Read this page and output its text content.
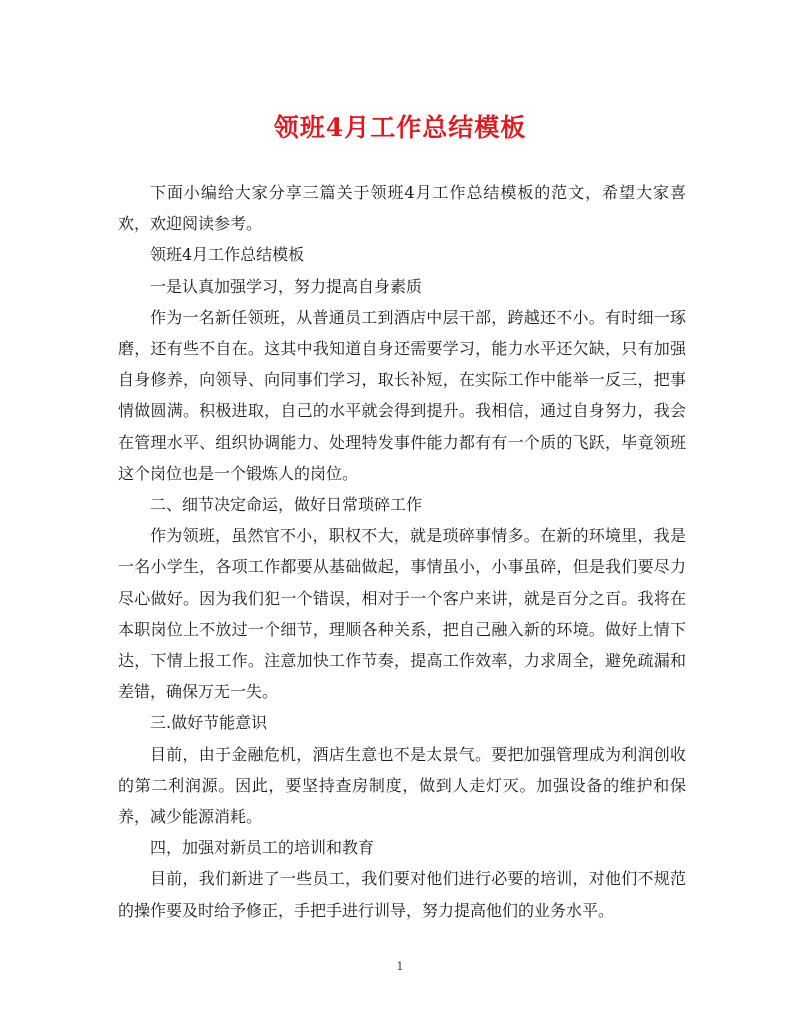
领班4月工作总结模板

下面小编给大家分享三篇关于领班4月工作总结模板的范文，希望大家喜欢，欢迎阅读参考。

领班4月工作总结模板

一是认真加强学习，努力提高自身素质

作为一名新任领班，从普通员工到酒店中层干部，跨越还不小。有时细一琢磨，还有些不自在。这其中我知道自身还需要学习，能力水平还欠缺，只有加强自身修养，向领导、向同事们学习，取长补短，在实际工作中能举一反三，把事情做圆满。积极进取，自己的水平就会得到提升。我相信，通过自身努力，我会在管理水平、组织协调能力、处理特发事件能力都有有一个质的飞跃，毕竟领班这个岗位也是一个锻炼人的岗位。

二、细节决定命运，做好日常琐碎工作

作为领班，虽然官不小，职权不大，就是琐碎事情多。在新的环境里，我是一名小学生，各项工作都要从基础做起，事情虽小，小事虽碎，但是我们要尽力尽心做好。因为我们犯一个错误，相对于一个客户来讲，就是百分之百。我将在本职岗位上不放过一个细节，理顺各种关系，把自己融入新的环境。做好上情下达，下情上报工作。注意加快工作节奏，提高工作效率，力求周全，避免疏漏和差错，确保万无一失。

三.做好节能意识

目前，由于金融危机，酒店生意也不是太景气。要把加强管理成为利润创收的第二利润源。因此，要坚持查房制度，做到人走灯灭。加强设备的维护和保养，减少能源消耗。

四，加强对新员工的培训和教育

目前，我们新进了一些员工，我们要对他们进行必要的培训，对他们不规范的操作要及时给予修正，手把手进行训导，努力提高他们的业务水平。

1
